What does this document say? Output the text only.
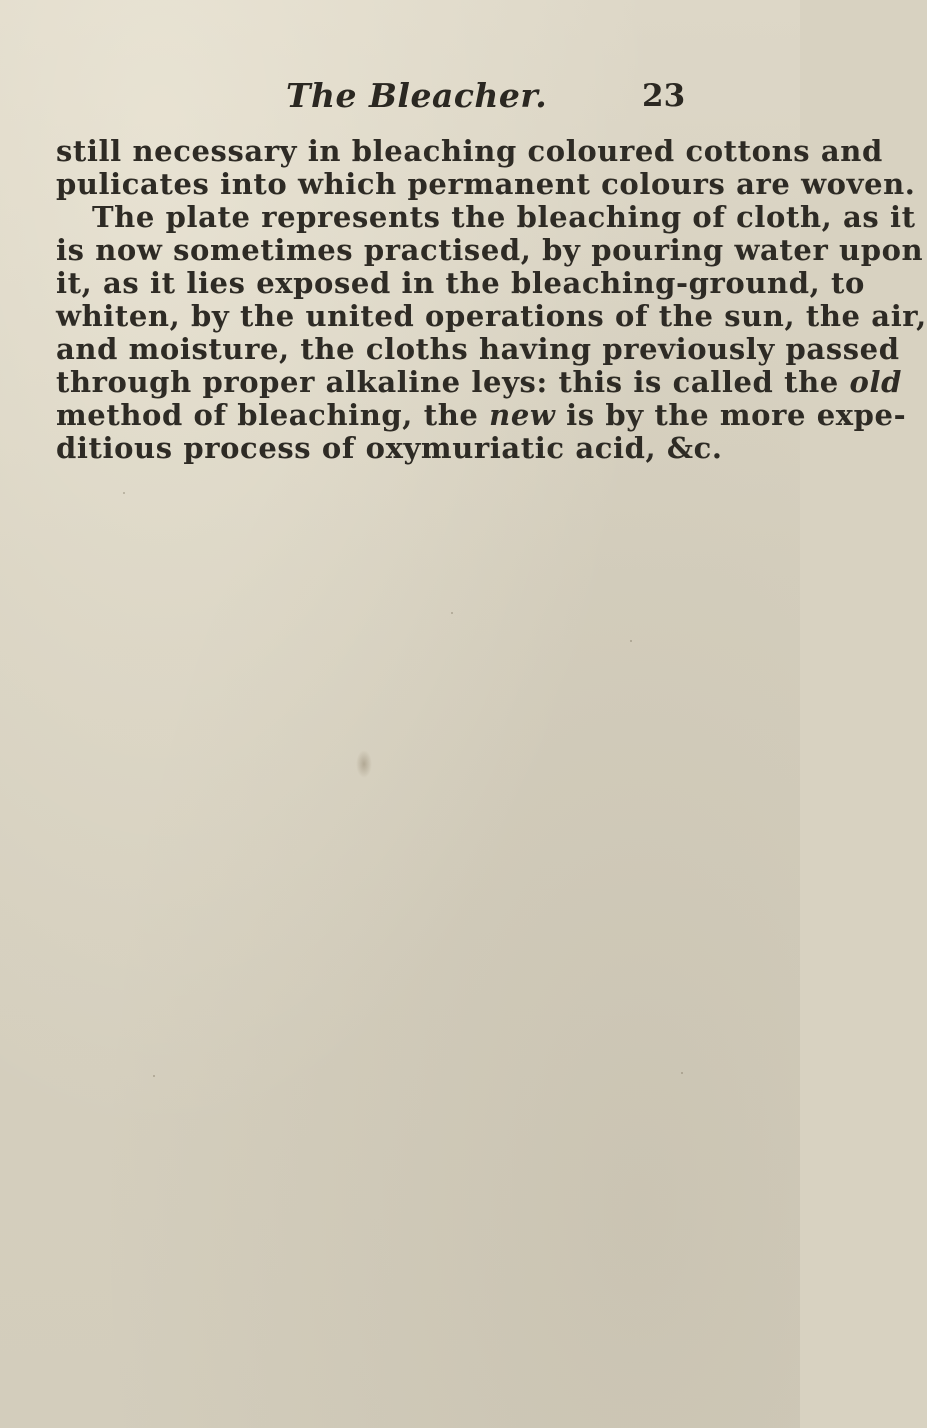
The Bleacher.	23
still necessary in bleaching coloured cottons and
pulicates into which permanent colours are woven.
The plate represents the bleaching of cloth, as it
is now sometimes practised, by pouring water upon
it, as it lies exposed in the bleaching-ground, to
whiten, by the united operations of the sun, the air,
and moisture, the cloths having previously passed
through proper alkaline leys: this is called the old
method of bleaching, the new is by the more expe-
ditious process of oxymuriatic acid, &c.
